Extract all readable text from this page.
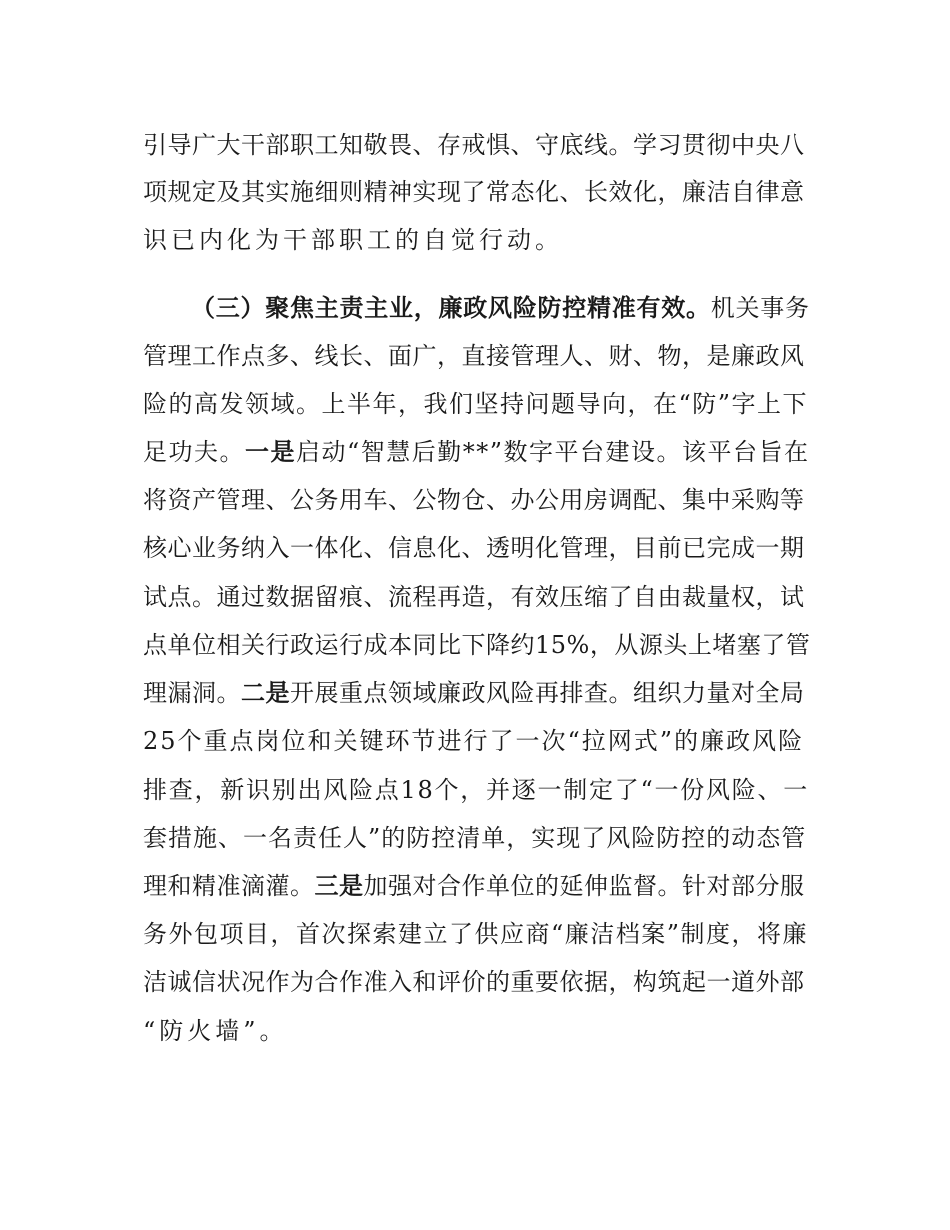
引导广大干部职工知敬畏、存戒惧、守底线。学习贯彻中央八
项规定及其实施细则精神实现了常态化、长效化，廉洁自律意
识已内化为干部职工的自觉行动。
（三）聚焦主责主业，廉政风险防控精准有效。机关事务
管理工作点多、线长、面广，直接管理人、财、物，是廉政风
险的高发领域。上半年，我们坚持问题导向，在“防”字上下
足功夫。一是启动“智慧后勤**”数字平台建设。该平台旨在
将资产管理、公务用车、公物仓、办公用房调配、集中采购等
核心业务纳入一体化、信息化、透明化管理，目前已完成一期
试点。通过数据留痕、流程再造，有效压缩了自由裁量权，试
点单位相关行政运行成本同比下降约15%，从源头上堵塞了管
理漏洞。二是开展重点领域廉政风险再排查。组织力量对全局
25个重点岗位和关键环节进行了一次“拉网式”的廉政风险
排查，新识别出风险点18个，并逐一制定了“一份风险、一
套措施、一名责任人”的防控清单，实现了风险防控的动态管
理和精准滴灌。三是加强对合作单位的延伸监督。针对部分服
务外包项目，首次探索建立了供应商“廉洁档案”制度，将廉
洁诚信状况作为合作准入和评价的重要依据，构筑起一道外部
“防火墙”。
